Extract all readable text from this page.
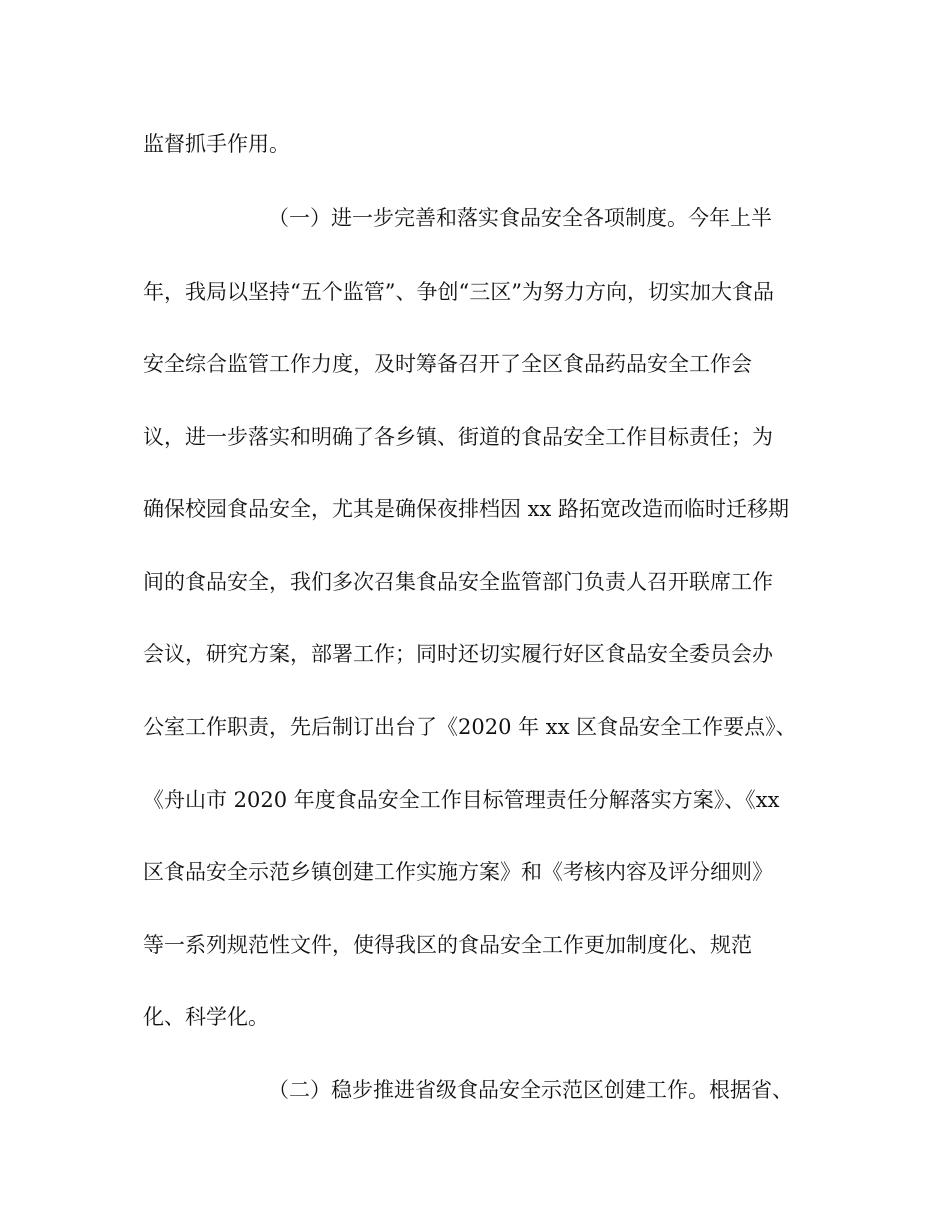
监督抓手作用。
（一）进一步完善和落实食品安全各项制度。今年上半
年，我局以坚持“五个监管”、争创“三区”为努力方向，切实加大食品
安全综合监管工作力度，及时筹备召开了全区食品药品安全工作会
议，进一步落实和明确了各乡镇、街道的食品安全工作目标责任；为
确保校园食品安全，尤其是确保夜排档因 xx 路拓宽改造而临时迁移期
间的食品安全，我们多次召集食品安全监管部门负责人召开联席工作
会议，研究方案，部署工作；同时还切实履行好区食品安全委员会办
公室工作职责，先后制订出台了《2020 年 xx 区食品安全工作要点》、
《舟山市 2020 年度食品安全工作目标管理责任分解落实方案》、《xx
区食品安全示范乡镇创建工作实施方案》和《考核内容及评分细则》
等一系列规范性文件，使得我区的食品安全工作更加制度化、规范
化、科学化。
（二）稳步推进省级食品安全示范区创建工作。根据省、
